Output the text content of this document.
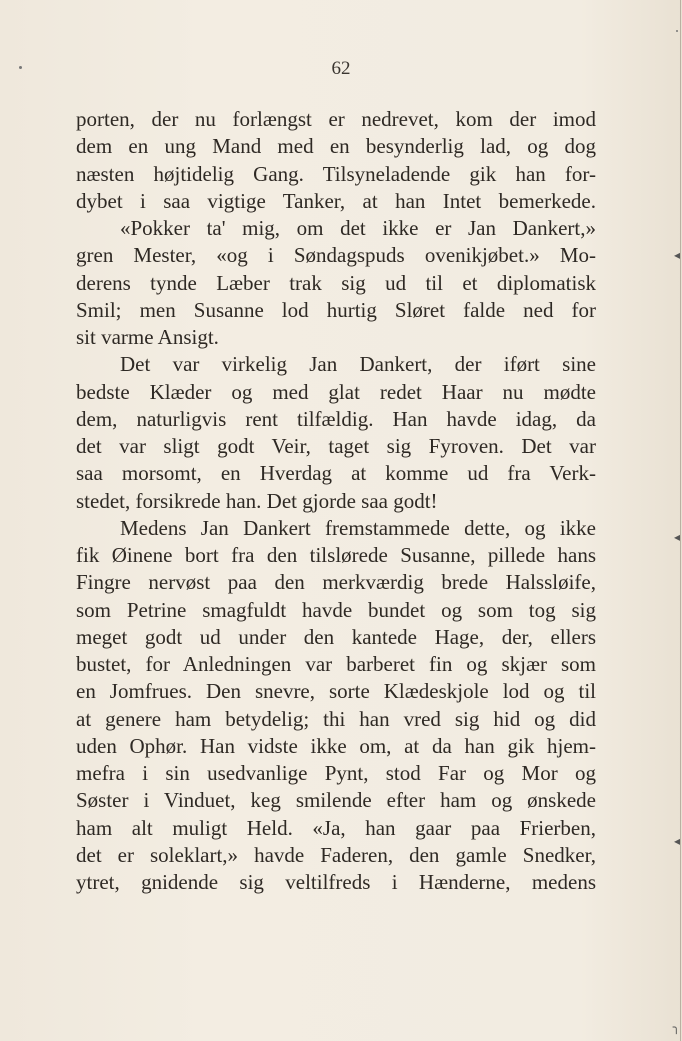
62
porten, der nu forlængst er nedrevet, kom der imod
dem en ung Mand med en besynderlig lad, og dog
næsten højtidelig Gang. Tilsyneladende gik han for-
dybet i saa vigtige Tanker, at han Intet bemerkede.
«Pokker ta' mig, om det ikke er Jan Dankert,»
gren Mester, «og i Søndagspuds ovenikjøbet.» Mo-
derens tynde Læber trak sig ud til et diplomatisk
Smil; men Susanne lod hurtig Sløret falde ned for
sit varme Ansigt.
Det var virkelig Jan Dankert, der iført sine
bedste Klæder og med glat redet Haar nu mødte
dem, naturligvis rent tilfældig. Han havde idag, da
det var sligt godt Veir, taget sig Fyroven. Det var
saa morsomt, en Hverdag at komme ud fra Verk-
stedet, forsikrede han. Det gjorde saa godt!
Medens Jan Dankert fremstammede dette, og ikke
fik Øinene bort fra den tilslørede Susanne, pillede hans
Fingre nervøst paa den merkværdig brede Halssløife,
som Petrine smagfuldt havde bundet og som tog sig
meget godt ud under den kantede Hage, der, ellers
bustet, for Anledningen var barberet fin og skjær som
en Jomfrues. Den snevre, sorte Klædeskjole lod og til
at genere ham betydelig; thi han vred sig hid og did
uden Ophør. Han vidste ikke om, at da han gik hjem-
mefra i sin usedvanlige Pynt, stod Far og Mor og
Søster i Vinduet, keg smilende efter ham og ønskede
ham alt muligt Held. «Ja, han gaar paa Frierben,
det er soleklart,» havde Faderen, den gamle Snedker,
ytret, gnidende sig veltilfreds i Hænderne, medens
◂
◂
◂
╮
